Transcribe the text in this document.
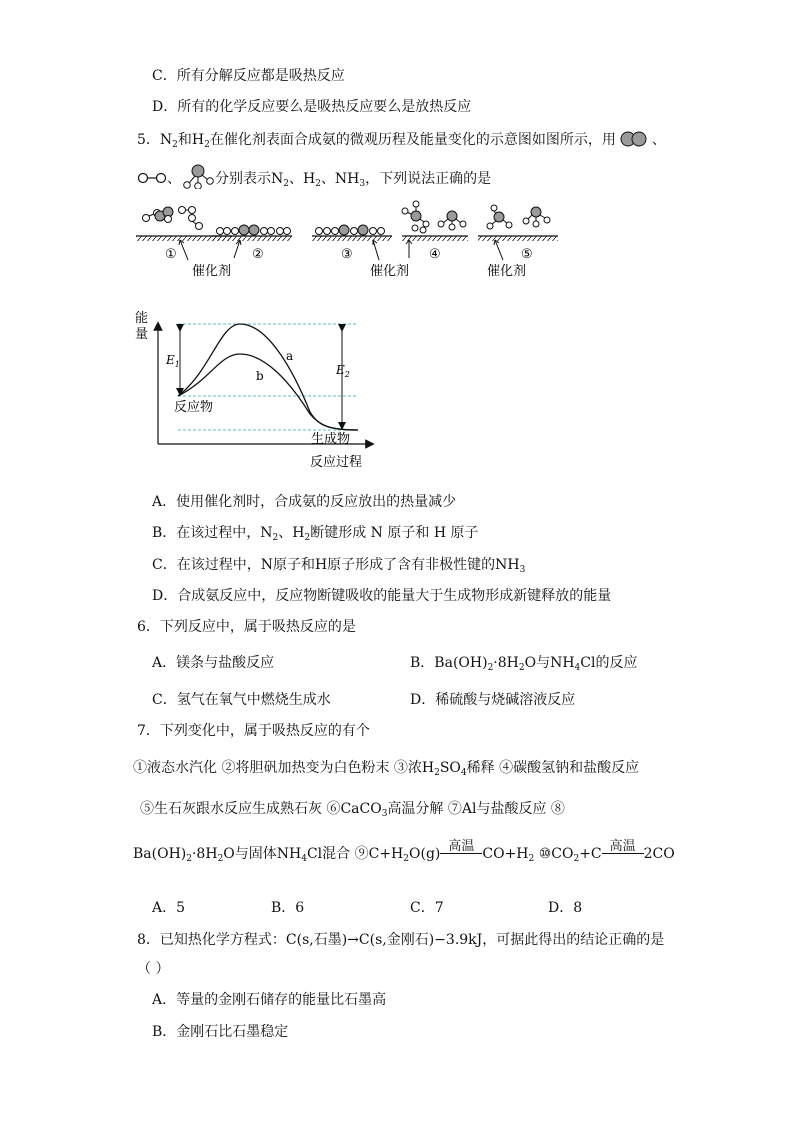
C．所有分解反应都是吸热反应
D．所有的化学反应要么是吸热反应要么是放热反应
5．$N_2$和$H_2$在催化剂表面合成氨的微观历程及能量变化的示意图如图所示，用	、
、 分别表示$N_2$、$H_2$、$NH_3$，下列说法正确的是
①	②	③	④	⑤
催化剂	催化剂	催化剂
能
量
反应过程
a
b
$E_1$	$E_2$
反应物
生成物
A．使用催化剂时，合成氨的反应放出的热量减少
B．在该过程中，$N_2$、$H_2$断键形成 N 原子和 H 原子
C．在该过程中，N原子和H原子形成了含有非极性键的$NH_3$
D．合成氨反应中，反应物断键吸收的能量大于生成物形成新键释放的能量
6．下列反应中，属于吸热反应的是
A．镁条与盐酸反应	B．$Ba(OH)_2\cdot 8H_2O$与$NH_4Cl$的反应
C．氢气在氧气中燃烧生成水	D．稀硫酸与烧碱溶液反应
7．下列变化中，属于吸热反应的有个
①液态水汽化 ②将胆矾加热变为白色粉末 ③浓$H_2SO_4$稀释 ④碳酸氢钠和盐酸反应
⑤生石灰跟水反应生成熟石灰 ⑥CaCO$_3$高温分解 ⑦Al与盐酸反应 ⑧
$Ba(OH)_2\cdot 8H_2O$与固体$NH_4Cl$混合 $⑨C+H_2O(g)$ 高温 $CO+H_2$ $⑩CO_2+C$ 高温 2CO
A．5	B．6	C．7	D．8
8．已知热化学方程式：C(s,石墨)→C(s,金刚石)−3.9kJ，可据此得出的结论正确的是
（ ）
A．等量的金刚石储存的能量比石墨高
B．金刚石比石墨稳定
